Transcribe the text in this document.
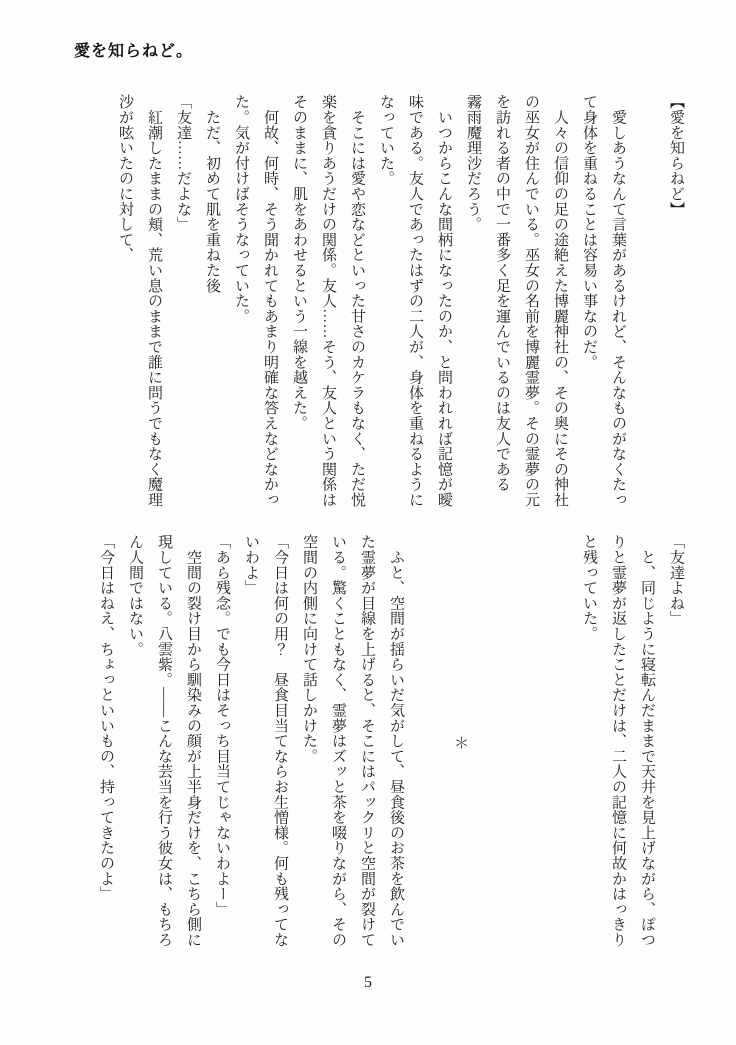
愛を知らねど。

【愛を知らねど】

　愛しあうなんて言葉があるけれど、そんなものがなくたっ

て身体を重ねることは容易い事なのだ。

　人々の信仰の足の途絶えた博麗神社の、その奥にその神社

の巫女が住んでいる。巫女の名前を博麗霊夢。その霊夢の元

を訪れる者の中で一番多く足を運んでいるのは友人である

霧雨魔理沙だろう。

　いつからこんな間柄になったのか、と問われれば記憶が曖

味である。友人であったはずの二人が、身体を重ねるように

なっていた。

　そこには愛や恋などといった甘さのカケラもなく、ただ悦

楽を貪りあうだけの関係。友人……そう、友人という関係は

そのままに、肌をあわせるという一線を越えた。

　何故、何時、そう聞かれてもあまり明確な答えなどなかっ

た。気が付けばそうなっていた。

　ただ、初めて肌を重ねた後

「友達……だよな」

　紅潮したままの頬、荒い息のままで誰に問うでもなく魔理

沙が呟いたのに対して、

「友達よね」

　と、同じように寝転んだままで天井を見上げながら、ぽつ

りと霊夢が返したことだけは、二人の記憶に何故かはっきり

と残っていた。

＊

　ふと、空間が揺らいだ気がして、昼食後のお茶を飲んでい

た霊夢が目線を上げると、そこにはパックリと空間が裂けて

いる。驚くこともなく、霊夢はズッと茶を啜りながら、その

空間の内側に向けて話しかけた。

「今日は何の用？　昼食目当てならお生憎様。何も残ってな

いわよ」

「あら残念。でも今日はそっち目当てじゃないわよー」

　空間の裂け目から馴染みの顔が上半身だけを、こちら側に

現している。八雲紫。――こんな芸当を行う彼女は、もちろ

ん人間ではない。

「今日はねえ、ちょっといいもの、持ってきたのよ」

5
